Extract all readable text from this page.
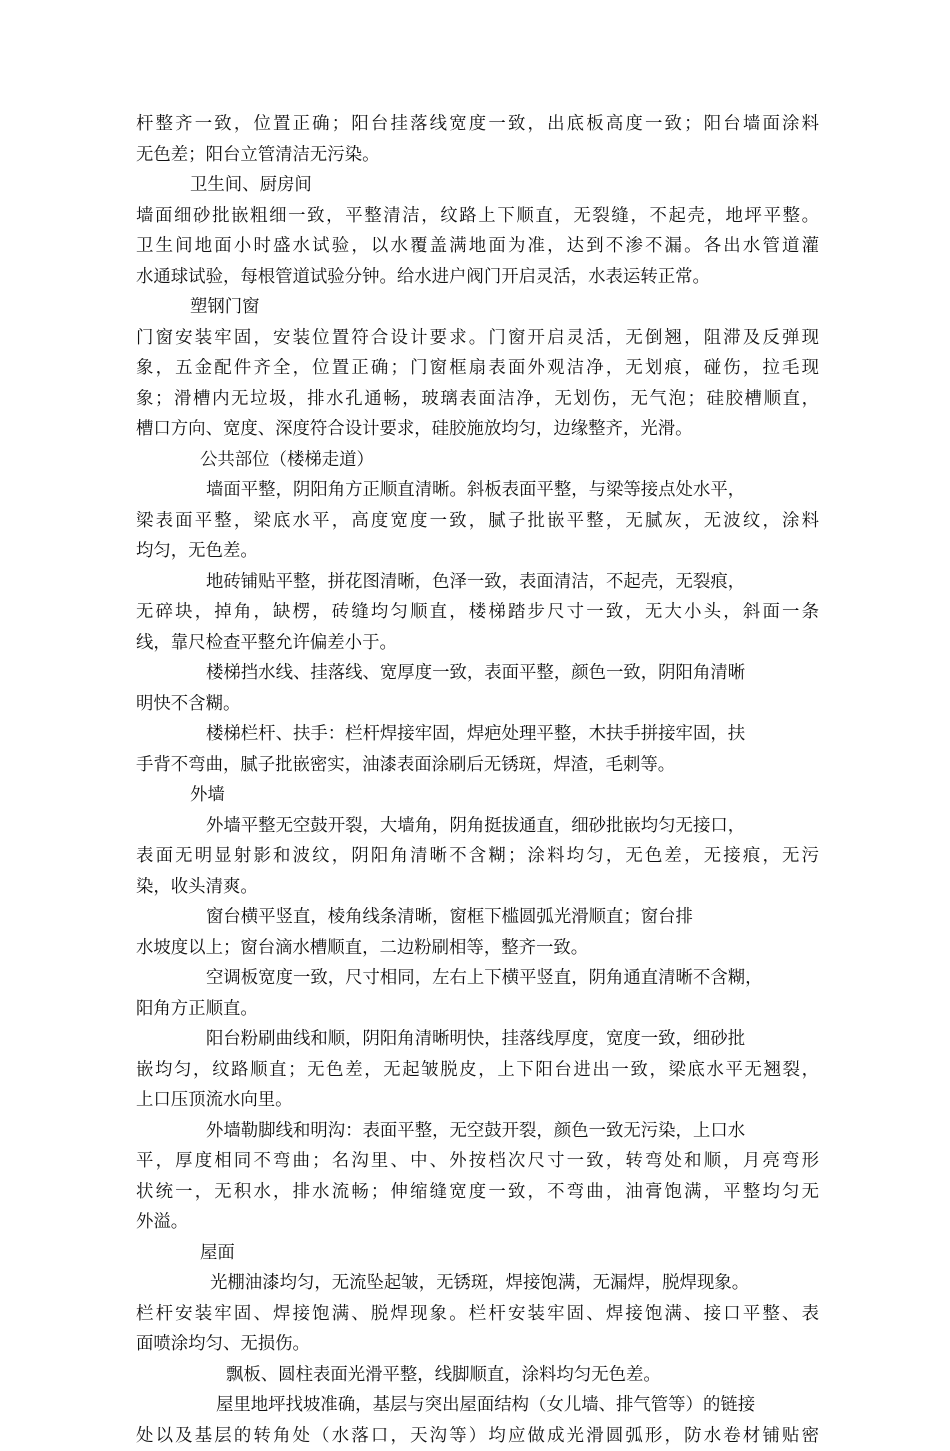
杆整齐一致，位置正确；阳台挂落线宽度一致，出底板高度一致；阳台墙面涂料
无色差；阳台立管清洁无污染。
卫生间、厨房间
墙面细砂批嵌粗细一致，平整清洁，纹路上下顺直，无裂缝，不起壳，地坪平整。
卫生间地面小时盛水试验，以水覆盖满地面为准，达到不渗不漏。各出水管道灌
水通球试验，每根管道试验分钟。给水进户阀门开启灵活，水表运转正常。
塑钢门窗
门窗安装牢固，安装位置符合设计要求。门窗开启灵活，无倒翘，阻滞及反弹现
象，五金配件齐全，位置正确；门窗框扇表面外观洁净，无划痕，碰伤，拉毛现
象；滑槽内无垃圾，排水孔通畅，玻璃表面洁净，无划伤，无气泡；硅胶槽顺直，
槽口方向、宽度、深度符合设计要求，硅胶施放均匀，边缘整齐，光滑。
公共部位（楼梯走道）
墙面平整，阴阳角方正顺直清晰。斜板表面平整，与梁等接点处水平，
梁表面平整，梁底水平，高度宽度一致，腻子批嵌平整，无腻灰，无波纹，涂料
均匀，无色差。
地砖铺贴平整，拼花图清晰，色泽一致，表面清洁，不起壳，无裂痕，
无碎块，掉角，缺楞，砖缝均匀顺直，楼梯踏步尺寸一致，无大小头，斜面一条
线，靠尺检查平整允许偏差小于。
楼梯挡水线、挂落线、宽厚度一致，表面平整，颜色一致，阴阳角清晰
明快不含糊。
楼梯栏杆、扶手：栏杆焊接牢固，焊疤处理平整，木扶手拼接牢固，扶
手背不弯曲，腻子批嵌密实，油漆表面涂刷后无锈斑，焊渣，毛刺等。
外墙
外墙平整无空鼓开裂，大墙角，阴角挺拔通直，细砂批嵌均匀无接口，
表面无明显射影和波纹，阴阳角清晰不含糊；涂料均匀，无色差，无接痕，无污
染，收头清爽。
窗台横平竖直，棱角线条清晰，窗框下槛圆弧光滑顺直；窗台排
水坡度以上；窗台滴水槽顺直，二边粉刷相等，整齐一致。
空调板宽度一致，尺寸相同，左右上下横平竖直，阴角通直清晰不含糊，
阳角方正顺直。
阳台粉刷曲线和顺，阴阳角清晰明快，挂落线厚度，宽度一致，细砂批
嵌均匀，纹路顺直；无色差，无起皱脱皮，上下阳台进出一致，梁底水平无翘裂，
上口压顶流水向里。
外墙勒脚线和明沟：表面平整，无空鼓开裂，颜色一致无污染，上口水
平，厚度相同不弯曲；名沟里、中、外按档次尺寸一致，转弯处和顺，月亮弯形
状统一，无积水，排水流畅；伸缩缝宽度一致，不弯曲，油膏饱满，平整均匀无
外溢。
屋面
光棚油漆均匀，无流坠起皱，无锈斑，焊接饱满，无漏焊，脱焊现象。
栏杆安装牢固、焊接饱满、脱焊现象。栏杆安装牢固、焊接饱满、接口平整、表
面喷涂均匀、无损伤。
飘板、圆柱表面光滑平整，线脚顺直，涂料均匀无色差。
屋里地坪找坡准确，基层与突出屋面结构（女儿墙、排气管等）的链接
处以及基层的转角处（水落口，天沟等）均应做成光滑圆弧形，防水卷材铺贴密
